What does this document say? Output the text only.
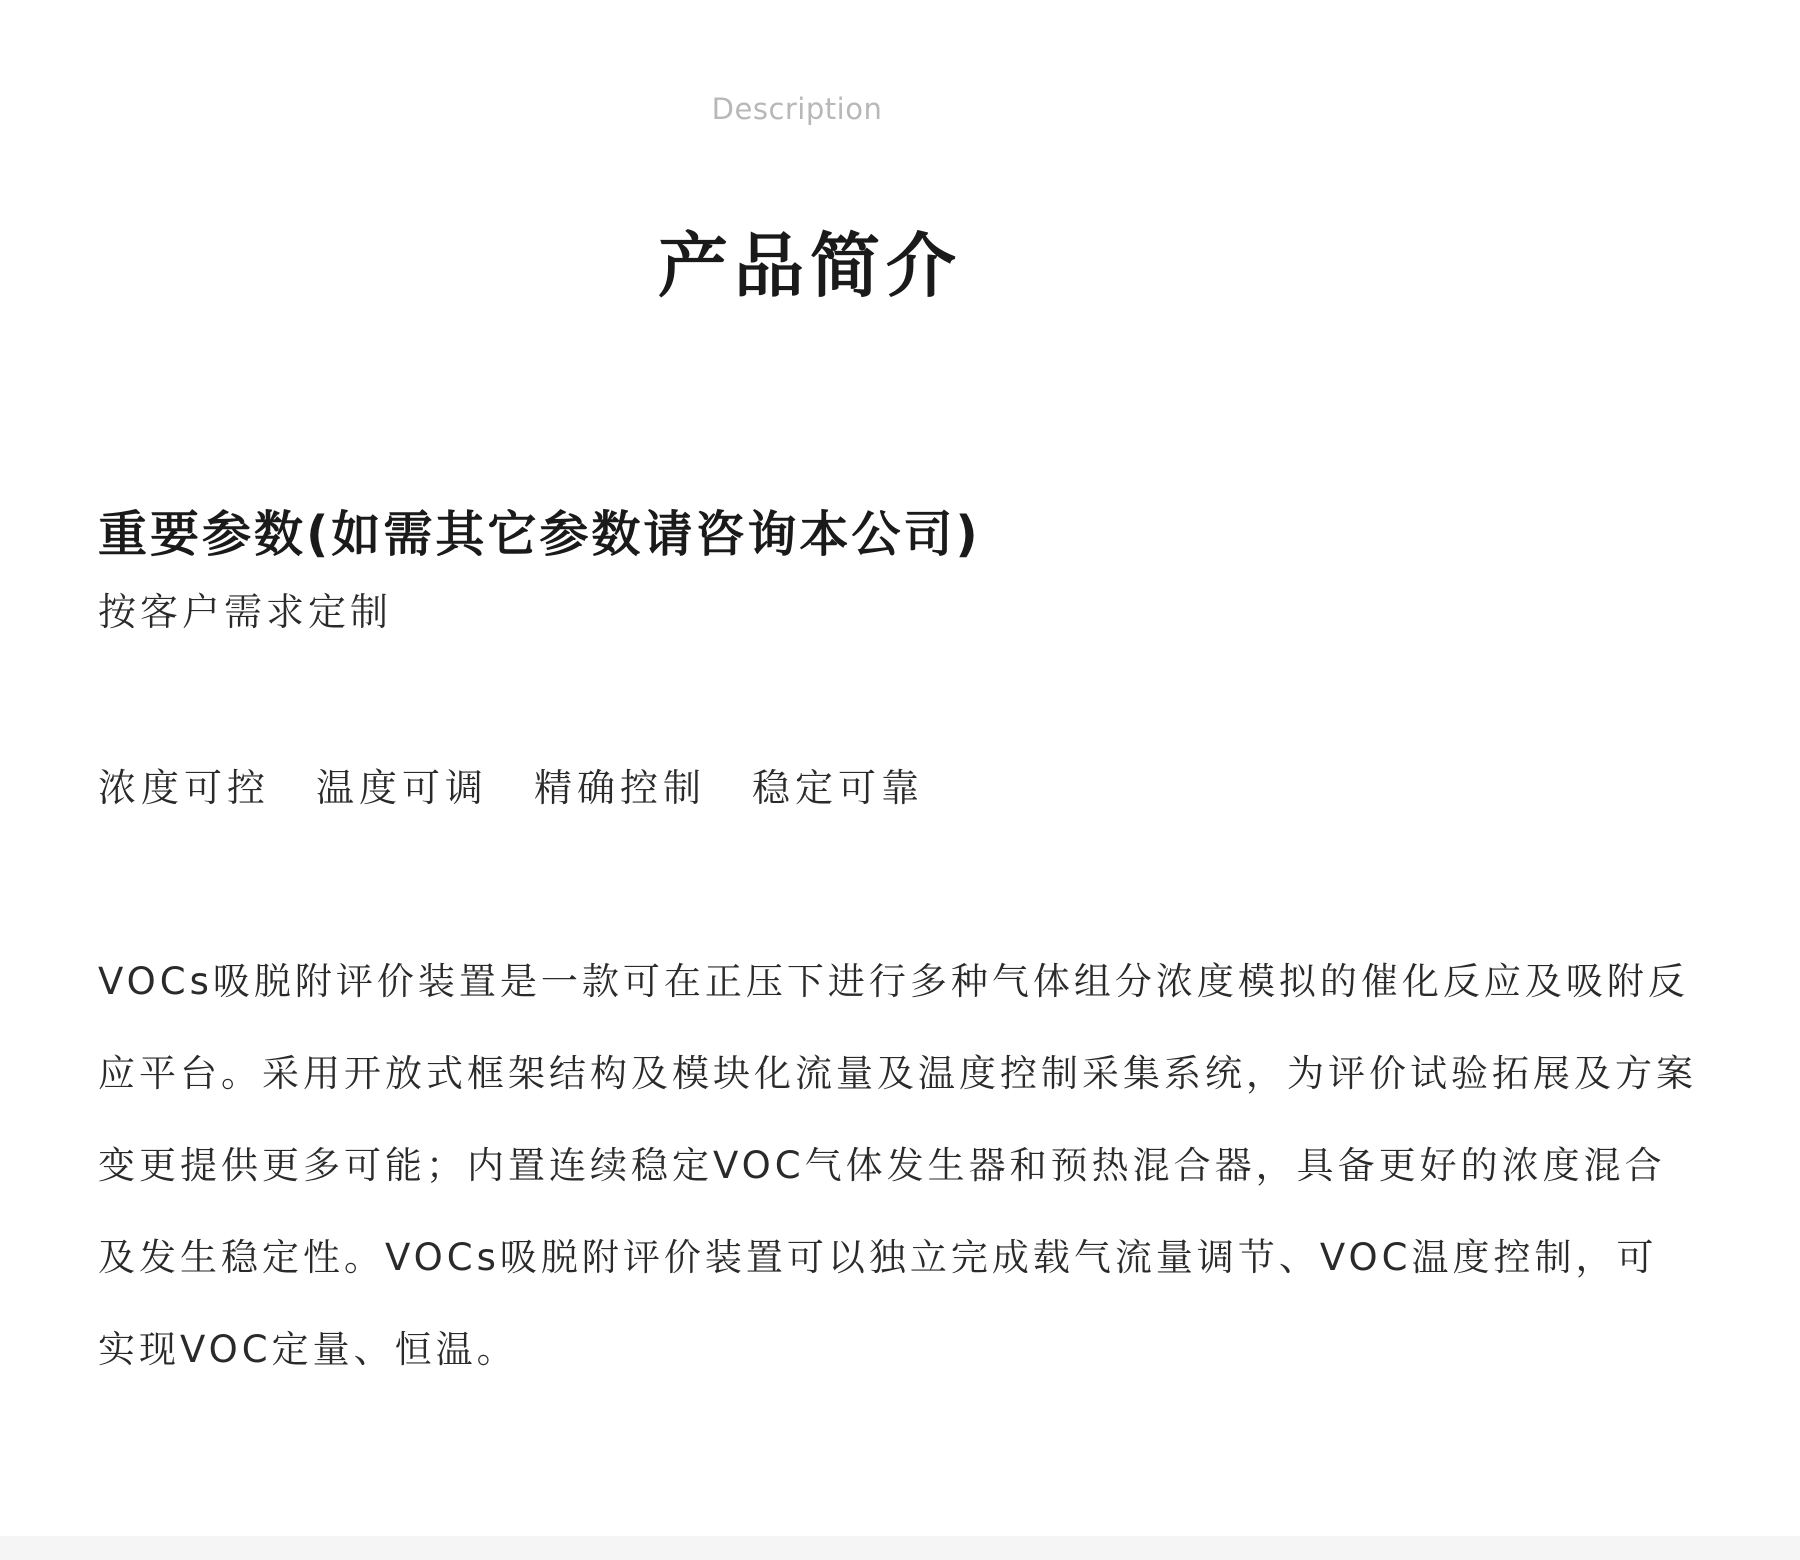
Description
产品简介
重要参数(如需其它参数请咨询本公司)
按客户需求定制
浓度可控 温度可调 精确控制 稳定可靠

VOCs吸脱附评价装置是一款可在正压下进行多种气体组分浓度模拟的催化反应及吸附反应平台。采用开放式框架结构及模块化流量及温度控制采集系统，为评价试验拓展及方案变更提供更多可能；内置连续稳定VOC气体发生器和预热混合器，具备更好的浓度混合及发生稳定性。VOCs吸脱附评价装置可以独立完成载气流量调节、VOC温度控制，可实现VOC定量、恒温。
